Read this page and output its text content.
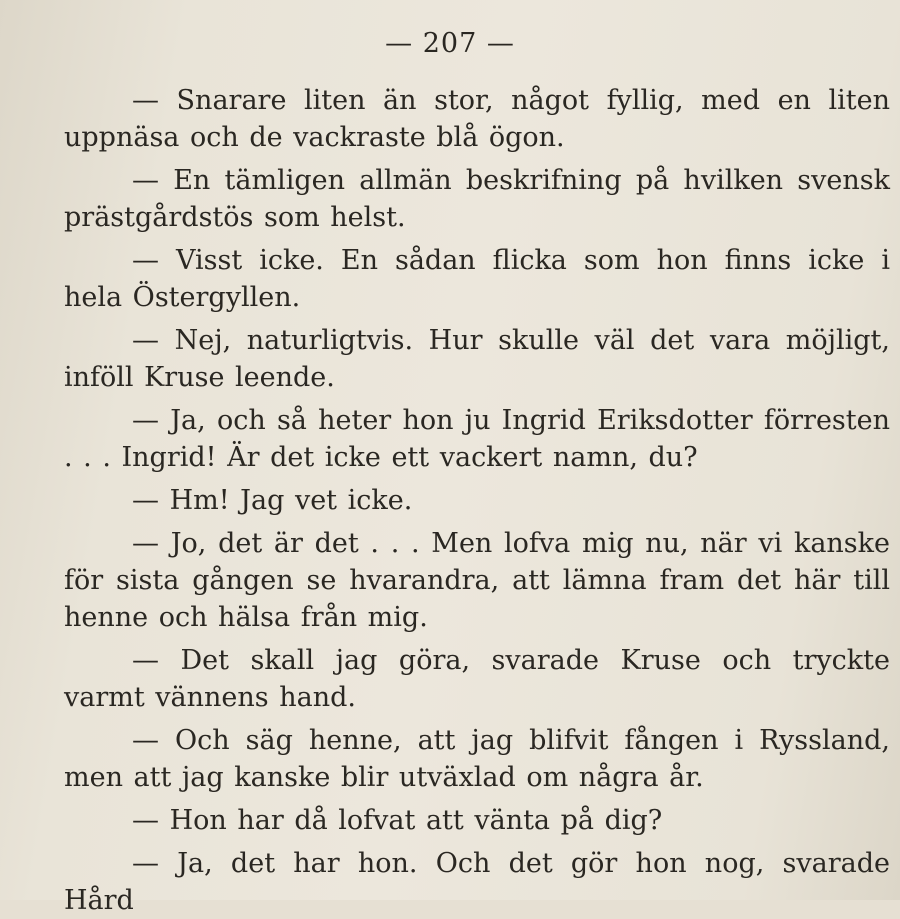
— 207 —

— Snarare liten än stor, något fyllig, med en liten uppnäsa och de vackraste blå ögon.

— En tämligen allmän beskrifning på hvilken svensk prästgårdstös som helst.

— Visst icke. En sådan flicka som hon finns icke i hela Östergyllen.

— Nej, naturligtvis. Hur skulle väl det vara möjligt, inföll Kruse leende.

— Ja, och så heter hon ju Ingrid Eriksdotter förresten . . . Ingrid! Är det icke ett vackert namn, du?

— Hm! Jag vet icke.

— Jo, det är det . . . Men lofva mig nu, när vi kanske för sista gången se hvarandra, att lämna fram det här till henne och hälsa från mig.

— Det skall jag göra, svarade Kruse och tryckte varmt vännens hand.

— Och säg henne, att jag blifvit fången i Ryssland, men att jag kanske blir utväxlad om några år.

— Hon har då lofvat att vänta på dig?

— Ja, det har hon. Och det gör hon nog, svarade Hård
